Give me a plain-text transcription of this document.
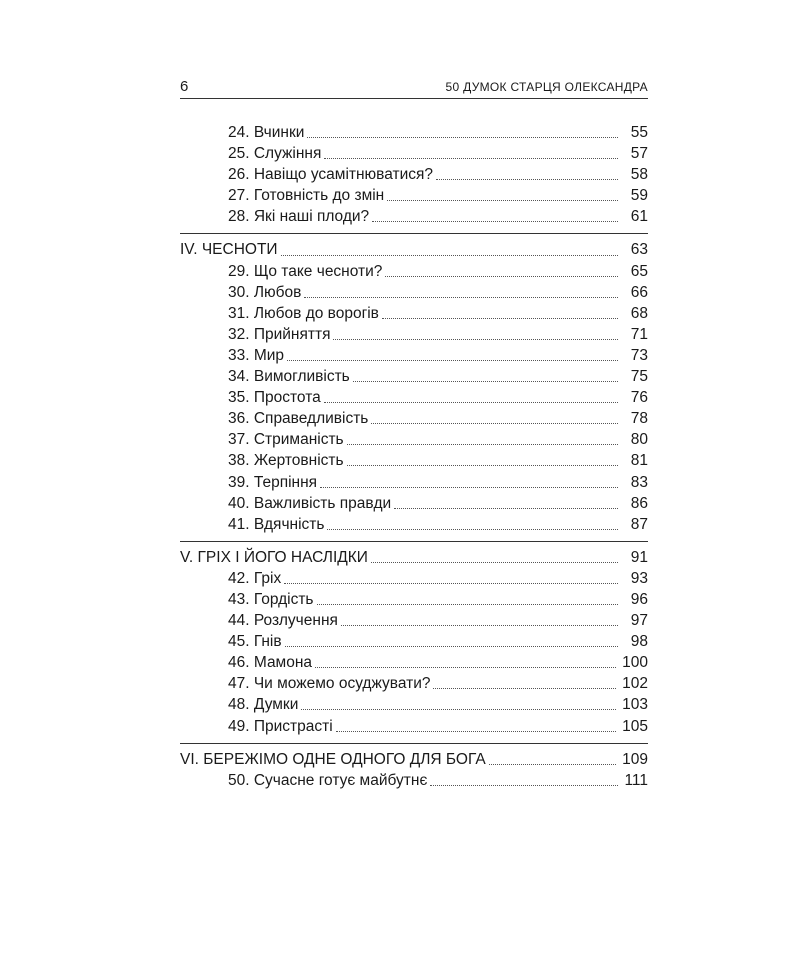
6	50 ДУМОК СТАРЦЯ ОЛЕКСАНДРА
24. Вчинки	55
25. Служіння	57
26. Навіщо усамітнюватися?	58
27. Готовність до змін	59
28. Які наші плоди?	61
IV. ЧЕСНОТИ	63
29. Що таке чесноти?	65
30. Любов	66
31. Любов до ворогів	68
32. Прийняття	71
33. Мир	73
34. Вимогливість	75
35. Простота	76
36. Справедливість	78
37. Стриманість	80
38. Жертовність	81
39. Терпіння	83
40. Важливість правди	86
41. Вдячність	87
V. ГРІХ І ЙОГО НАСЛІДКИ	91
42. Гріх	93
43. Гордість	96
44. Розлучення	97
45. Гнів	98
46. Мамона	100
47. Чи можемо осуджувати?	102
48. Думки	103
49. Пристрасті	105
VI. БЕРЕЖІМО ОДНЕ ОДНОГО ДЛЯ БОГА	109
50. Сучасне готує майбутнє	111
